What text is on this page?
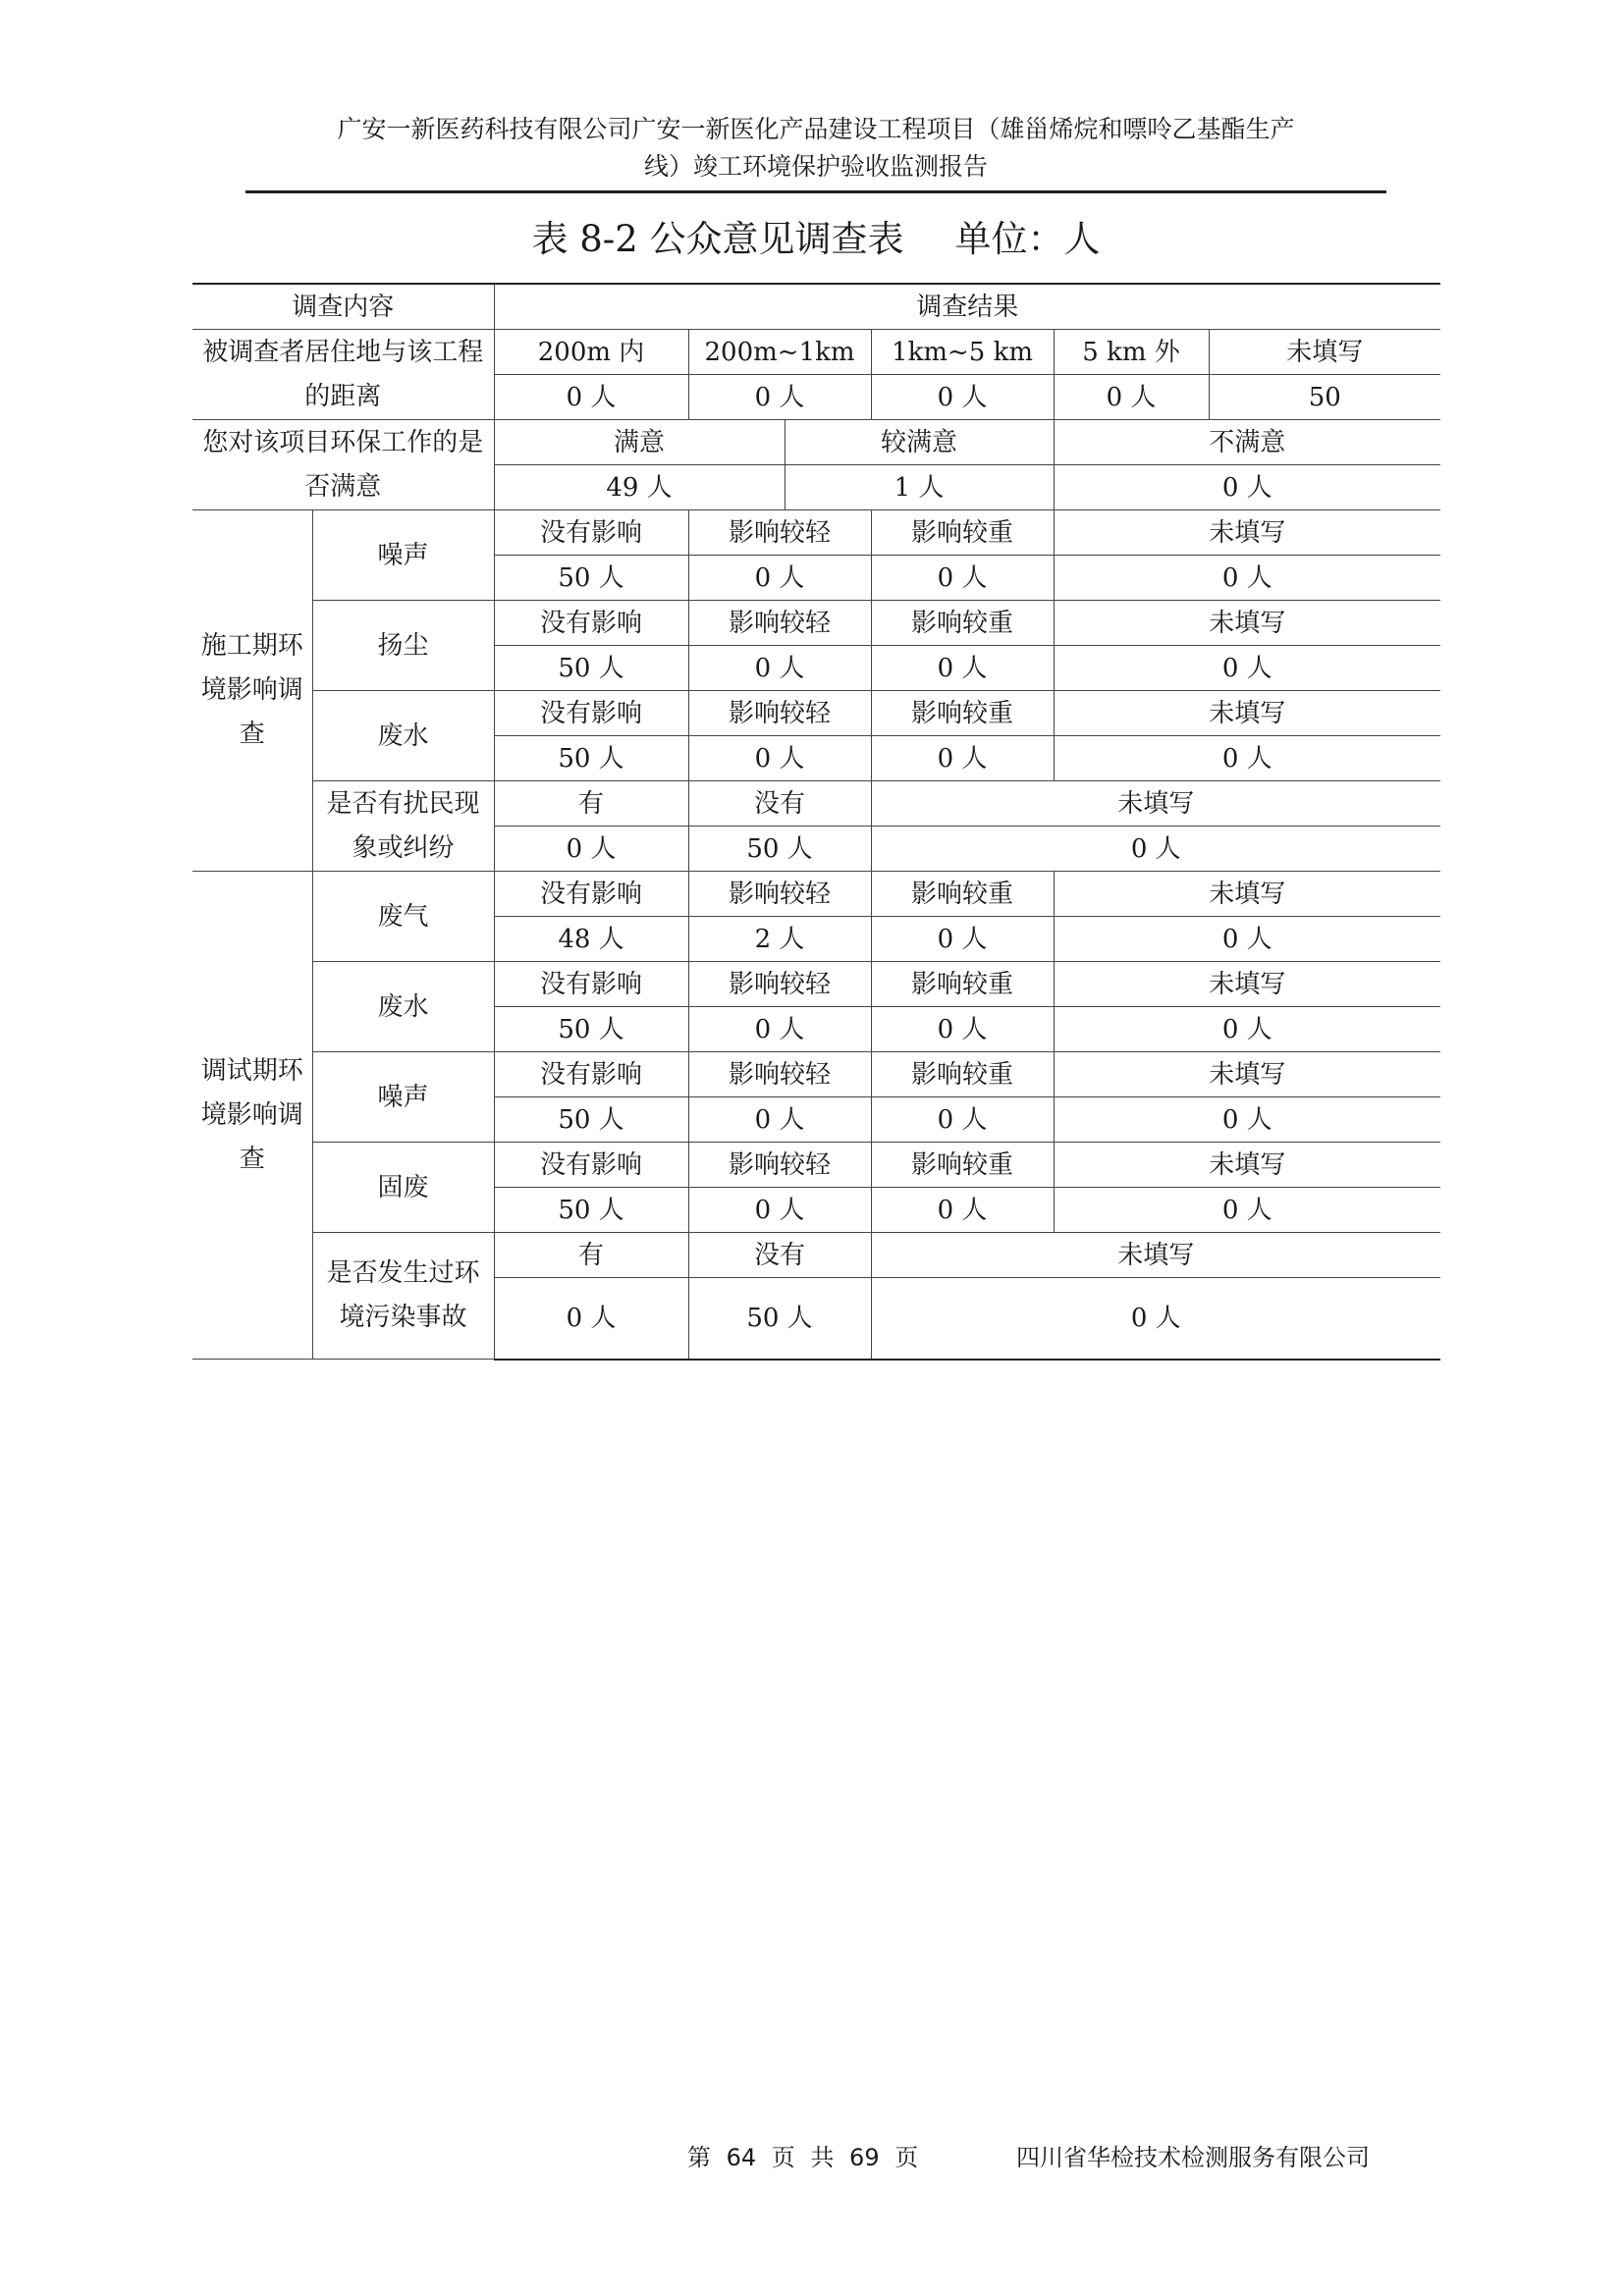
广安一新医药科技有限公司广安一新医化产品建设工程项目（雄甾烯烷和嘌呤乙基酯生产
线）竣工环境保护验收监测报告
表 8-2 公众意见调查表 单位：人
调查内容		调查结果					
被调查者居住地与该工程的距离		200m 内	200m~1km		1km~5 km	5 km 外	未填写
		0 人	0 人		0 人	0 人	50
您对该项目环保工作的是否满意		满意		较满意		不满意	
		49 人		1 人		0 人	
施工期环境影响调查	噪声	没有影响	影响较轻		影响较重	未填写	
		50 人	0 人		0 人	0 人	
	扬尘	没有影响	影响较轻		影响较重	未填写	
		50 人	0 人		0 人	0 人	
	废水	没有影响	影响较轻		影响较重	未填写	
		50 人	0 人		0 人	0 人	
	是否有扰民现象或纠纷	有	没有		未填写		
		0 人	50 人		0 人		
调试期环境影响调查	废气	没有影响	影响较轻		影响较重	未填写	
		48 人	2 人		0 人	0 人	
	废水	没有影响	影响较轻		影响较重	未填写	
		50 人	0 人		0 人	0 人	
	噪声	没有影响	影响较轻		影响较重	未填写	
		50 人	0 人		0 人	0 人	
	固废	没有影响	影响较轻		影响较重	未填写	
		50 人	0 人		0 人	0 人	
	是否发生过环境污染事故	有	没有		未填写		
		0 人	50 人		0 人		
第 64 页 共 69 页	四川省华检技术检测服务有限公司
